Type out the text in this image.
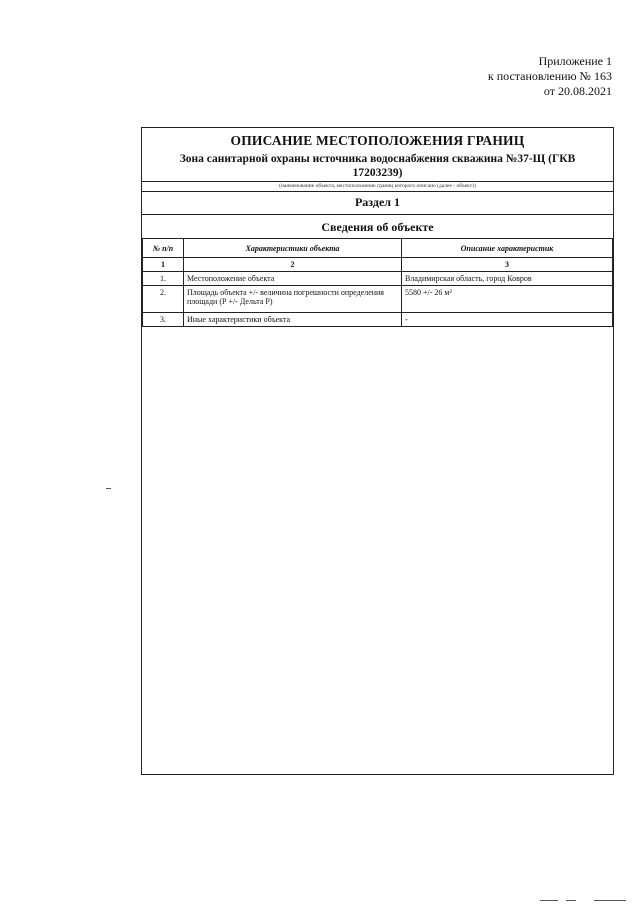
Приложение 1
к постановлению № 163
от 20.08.2021
ОПИСАНИЕ МЕСТОПОЛОЖЕНИЯ ГРАНИЦ
Зона санитарной охраны источника водоснабжения скважина №37-Щ (ГКВ 17203239)
(наименование объекта, местоположение границ которого описано (далее - объект))
Раздел 1
Сведения об объекте
№ п/п	Характеристики объекта	Описание характеристик
1	2	3
1.	Местоположение объекта	Владимирская область, город Ковров
2.	Площадь объекта +/- величина погрешности определения площади (Р +/- Дельта Р)	5580 +/- 26 м²
3.	Иные характеристики объекта	-
